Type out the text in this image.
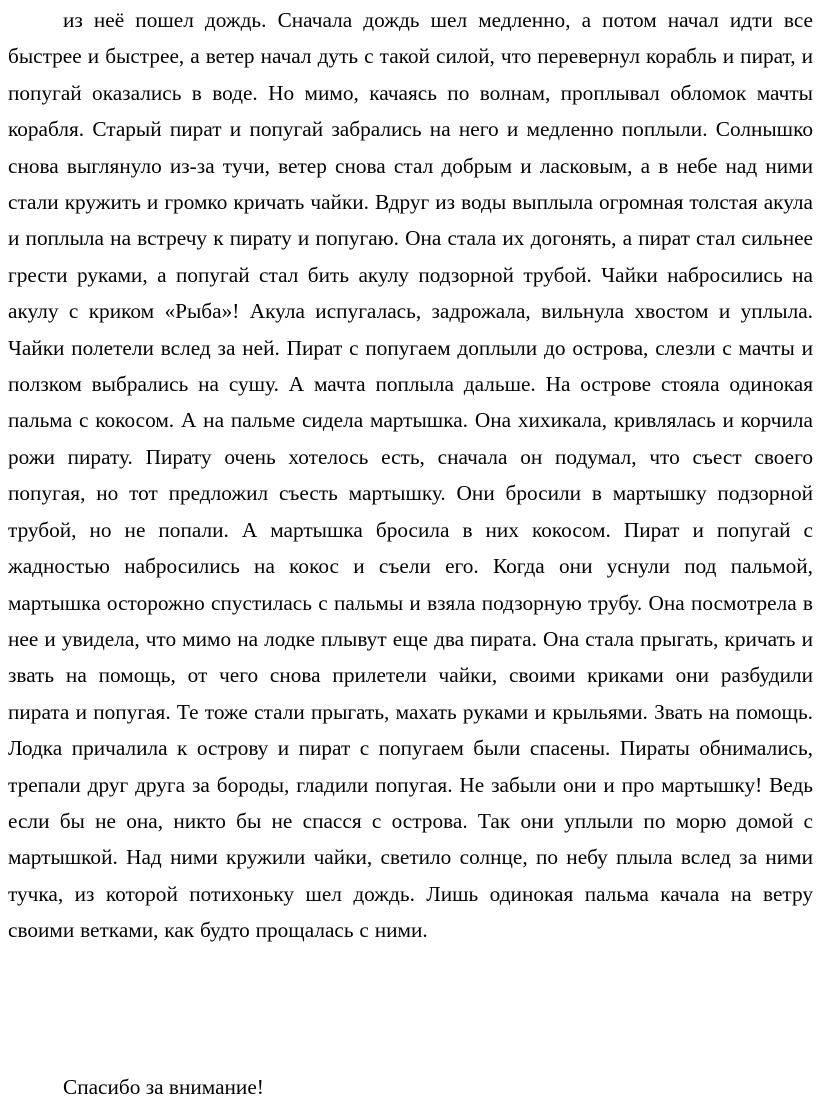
из неё пошел дождь. Сначала дождь шел медленно, а потом начал идти все быстрее и быстрее, а ветер начал дуть с такой силой, что перевернул корабль и пират, и попугай оказались в воде. Но мимо, качаясь по волнам, проплывал обломок мачты корабля. Старый пират и попугай забрались на него и медленно поплыли. Солнышко снова выглянуло из-за тучи, ветер снова стал добрым и ласковым, а в небе над ними стали кружить и громко кричать чайки. Вдруг из воды выплыла огромная толстая акула и поплыла на встречу к пирату и попугаю. Она стала их догонять, а пират стал сильнее грести руками, а попугай стал бить акулу подзорной трубой. Чайки набросились на акулу с криком «Рыба»! Акула испугалась, задрожала, вильнула хвостом и уплыла. Чайки полетели вслед за ней. Пират с попугаем доплыли до острова, слезли с мачты и ползком выбрались на сушу. А мачта поплыла дальше. На острове стояла одинокая пальма с кокосом. А на пальме сидела мартышка. Она хихикала, кривлялась и корчила рожи пирату. Пирату очень хотелось есть, сначала он подумал, что съест своего попугая, но тот предложил съесть мартышку. Они бросили в мартышку подзорной трубой, но не попали. А мартышка бросила в них кокосом. Пират и попугай с жадностью набросились на кокос и съели его. Когда они уснули под пальмой, мартышка осторожно спустилась с пальмы и взяла подзорную трубу. Она посмотрела в нее и увидела, что мимо на лодке плывут еще два пирата. Она стала прыгать, кричать и звать на помощь, от чего снова прилетели чайки, своими криками они разбудили пирата и попугая. Те тоже стали прыгать, махать руками и крыльями. Звать на помощь. Лодка причалила к острову и пират с попугаем были спасены. Пираты обнимались, трепали друг друга за бороды, гладили попугая. Не забыли они и про мартышку! Ведь если бы не она, никто бы не спасся с острова. Так они уплыли по морю домой с мартышкой. Над ними кружили чайки, светило солнце, по небу плыла вслед за ними тучка, из которой потихоньку шел дождь. Лишь одинокая пальма качала на ветру своими ветками, как будто прощалась с ними.

Спасибо за внимание!
